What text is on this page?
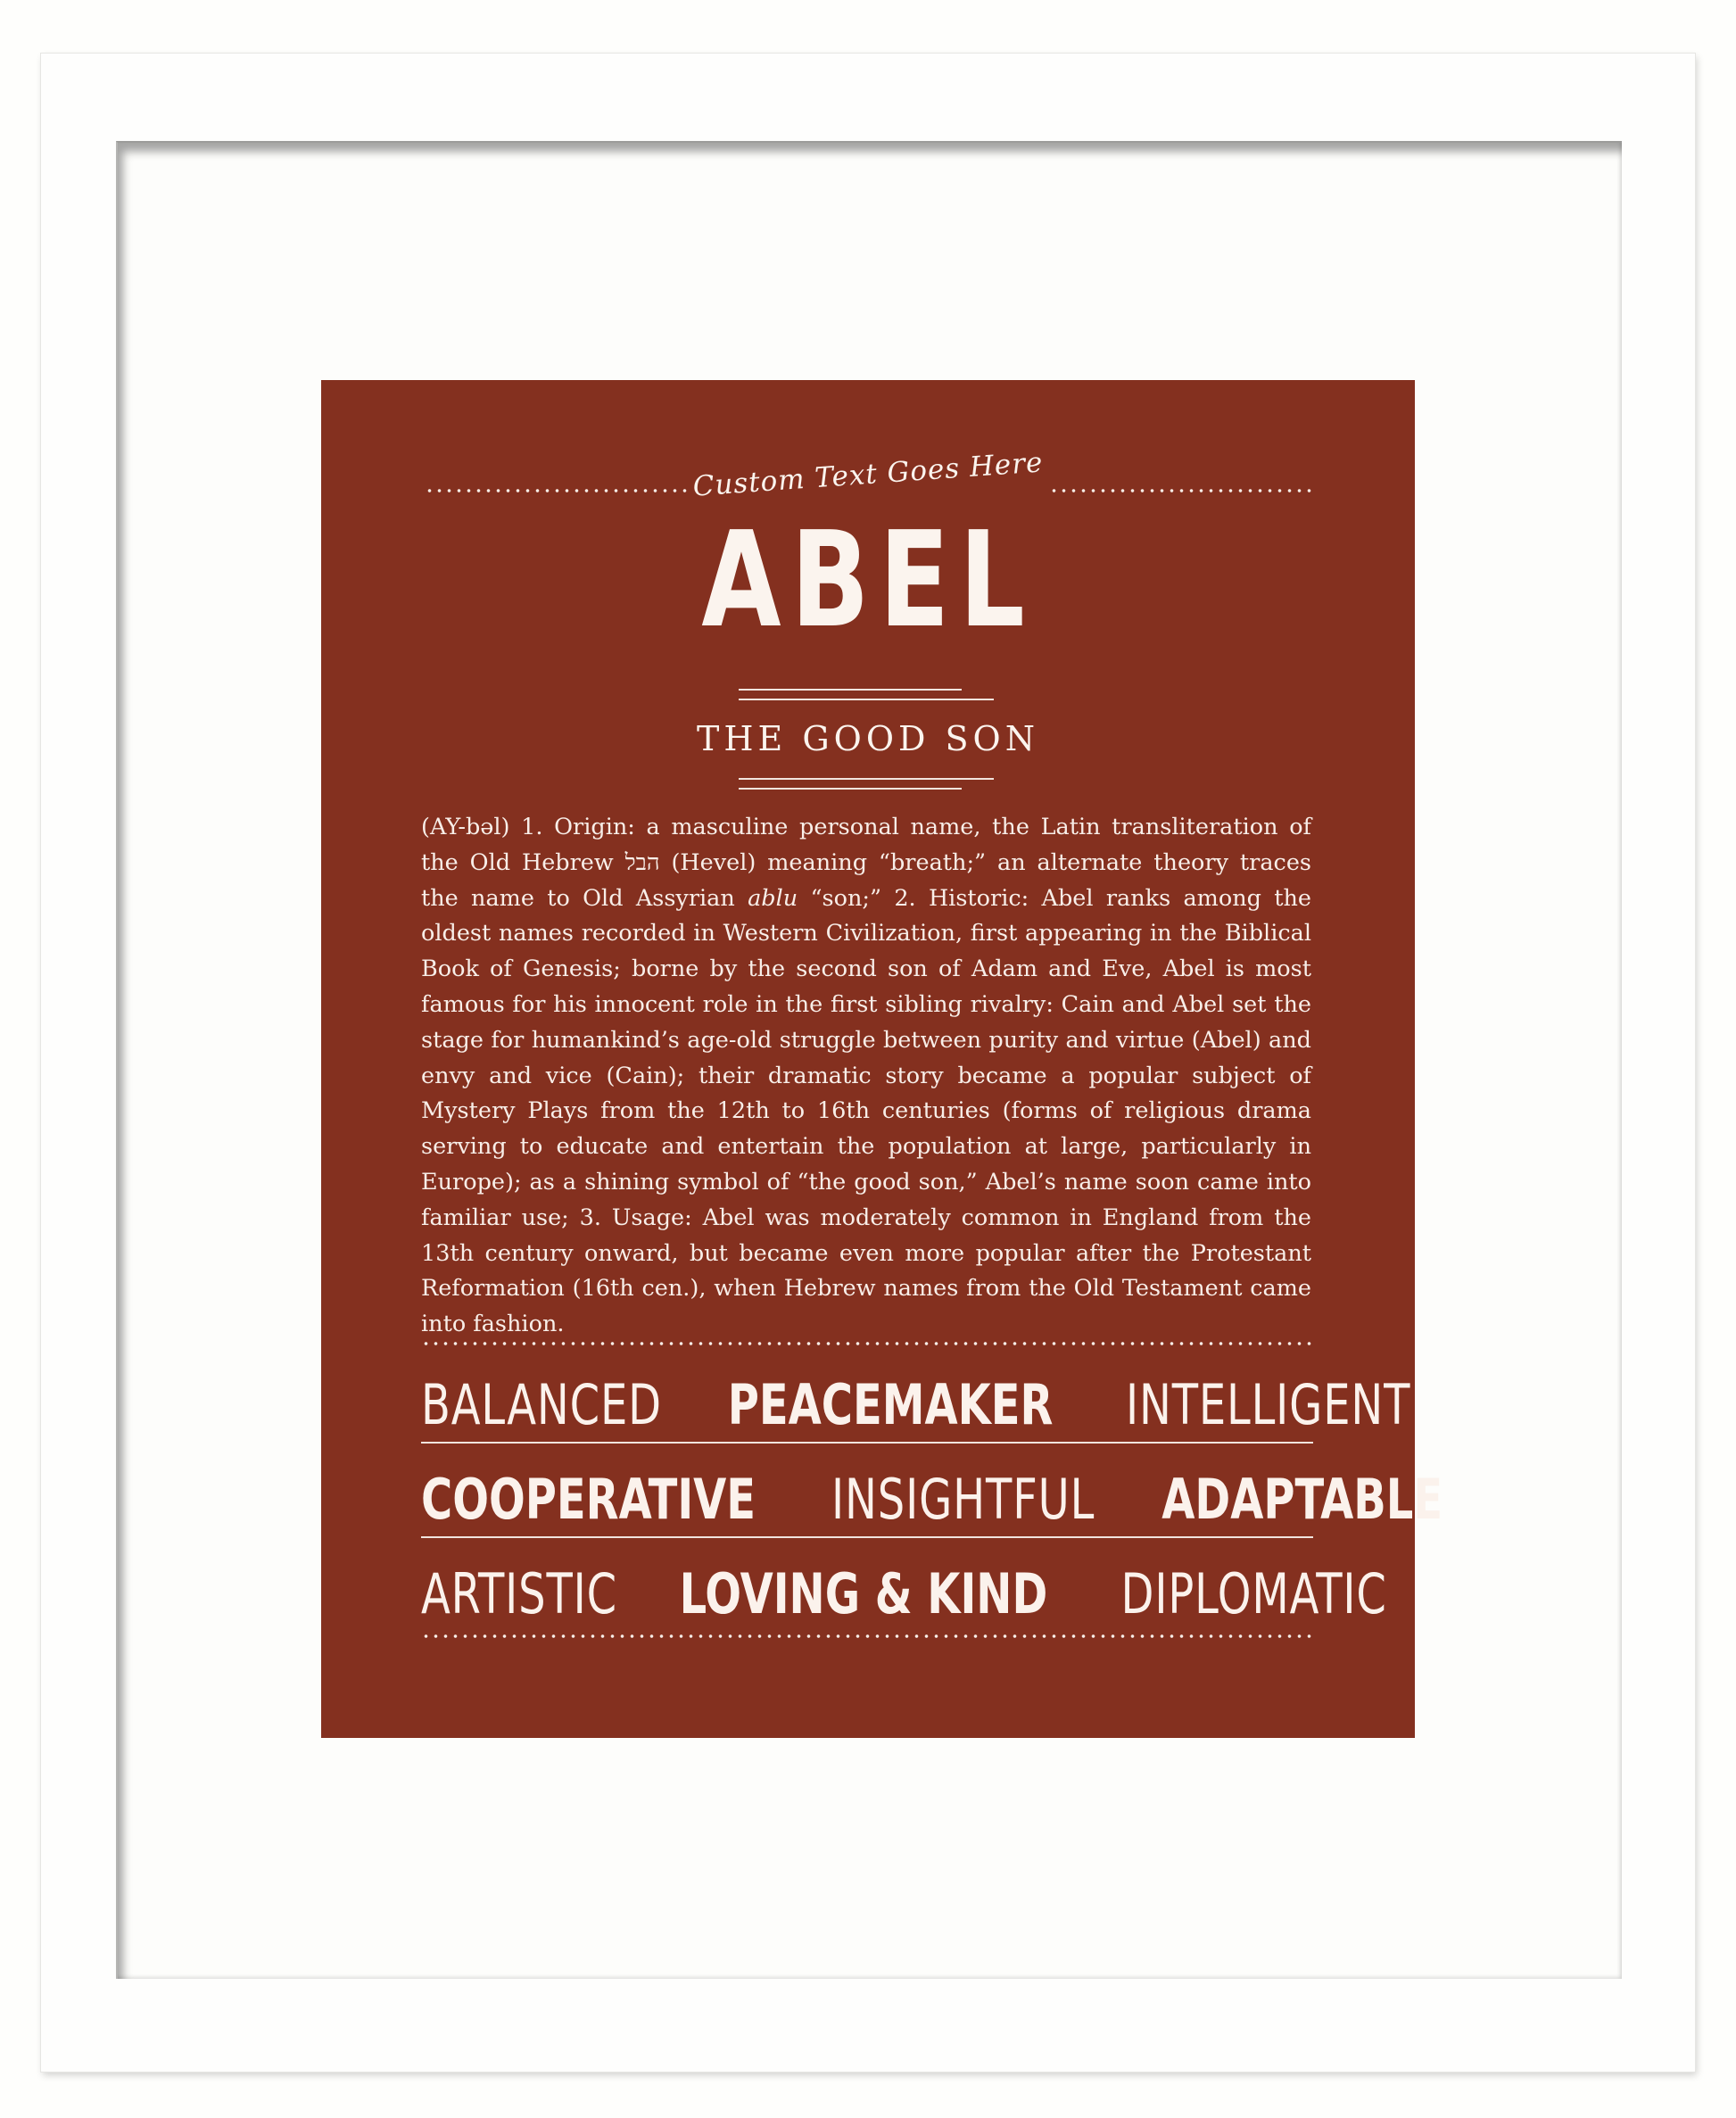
Custom Text Goes Here
ABEL
THE GOOD SON
(AY-bəl) 1. Origin: a masculine personal name, the Latin transliteration of the Old Hebrew הבל (Hevel) meaning “breath;” an alternate theory traces the name to Old Assyrian ablu “son;” 2. Historic: Abel ranks among the oldest names recorded in Western Civilization, first appearing in the Biblical Book of Genesis; borne by the second son of Adam and Eve, Abel is most famous for his innocent role in the first sibling rivalry: Cain and Abel set the stage for humankind’s age-old struggle between purity and virtue (Abel) and envy and vice (Cain); their dramatic story became a popular subject of Mystery Plays from the 12th to 16th centuries (forms of religious drama serving to educate and entertain the population at large, particularly in Europe); as a shining symbol of “the good son,” Abel’s name soon came into familiar use; 3. Usage: Abel was moderately common in England from the 13th century onward, but became even more popular after the Protestant Reformation (16th cen.), when Hebrew names from the Old Testament came into fashion.
BALANCED PEACEMAKER INTELLIGENT
COOPERATIVE INSIGHTFUL ADAPTABLE
ARTISTIC LOVING & KIND DIPLOMATIC
